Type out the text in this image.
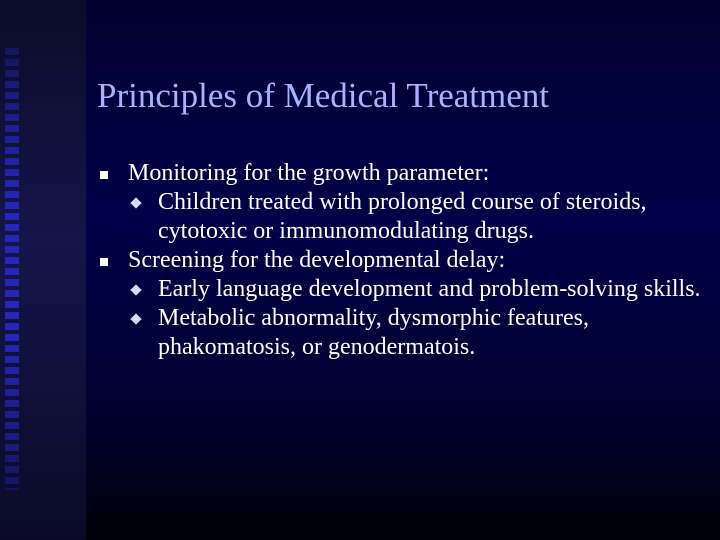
Principles of Medical Treatment
Monitoring for the growth parameter:
Children treated with prolonged course of steroids, cytotoxic or immunomodulating drugs.
Screening for the developmental delay:
Early language development and problem-solving skills.
Metabolic abnormality, dysmorphic features, phakomatosis, or genodermatois.
